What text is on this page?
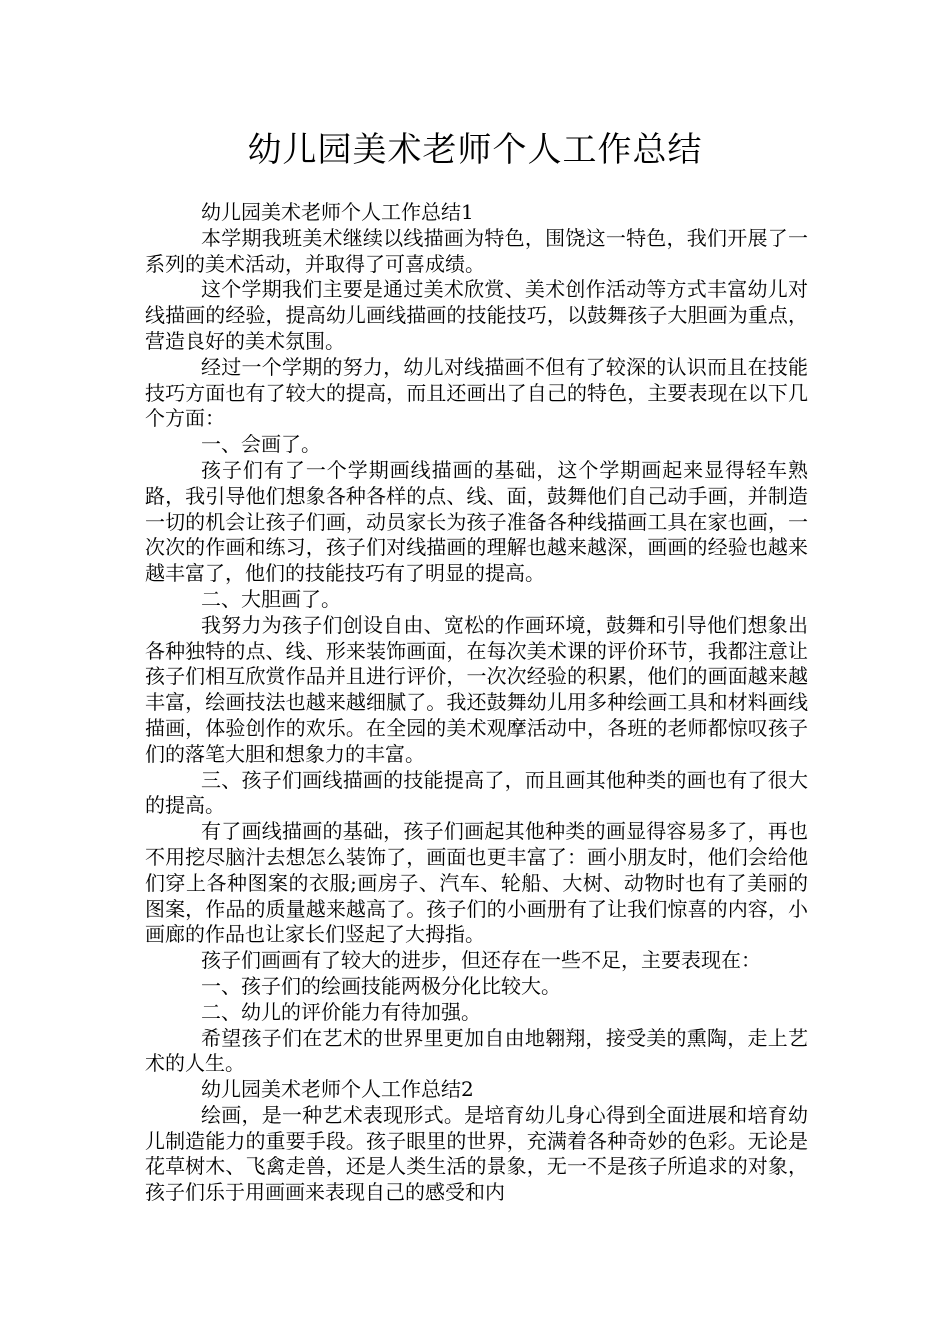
幼儿园美术老师个人工作总结

幼儿园美术老师个人工作总结1

本学期我班美术继续以线描画为特色，围饶这一特色，我们开展了一系列的美术活动，并取得了可喜成绩。

这个学期我们主要是通过美术欣赏、美术创作活动等方式丰富幼儿对线描画的经验，提高幼儿画线描画的技能技巧，以鼓舞孩子大胆画为重点，营造良好的美术氛围。

经过一个学期的努力，幼儿对线描画不但有了较深的认识而且在技能技巧方面也有了较大的提高，而且还画出了自己的特色，主要表现在以下几个方面：

一、会画了。

孩子们有了一个学期画线描画的基础，这个学期画起来显得轻车熟路，我引导他们想象各种各样的点、线、面，鼓舞他们自己动手画，并制造一切的机会让孩子们画，动员家长为孩子准备各种线描画工具在家也画，一次次的作画和练习，孩子们对线描画的理解也越来越深，画画的经验也越来越丰富了，他们的技能技巧有了明显的提高。

二、大胆画了。

我努力为孩子们创设自由、宽松的作画环境，鼓舞和引导他们想象出各种独特的点、线、形来装饰画面，在每次美术课的评价环节，我都注意让孩子们相互欣赏作品并且进行评价，一次次经验的积累，他们的画面越来越丰富，绘画技法也越来越细腻了。我还鼓舞幼儿用多种绘画工具和材料画线描画，体验创作的欢乐。在全园的美术观摩活动中，各班的老师都惊叹孩子们的落笔大胆和想象力的丰富。

三、孩子们画线描画的技能提高了，而且画其他种类的画也有了很大的提高。

有了画线描画的基础，孩子们画起其他种类的画显得容易多了，再也不用挖尽脑汁去想怎么装饰了，画面也更丰富了：画小朋友时，他们会给他们穿上各种图案的衣服;画房子、汽车、轮船、大树、动物时也有了美丽的图案，作品的质量越来越高了。孩子们的小画册有了让我们惊喜的内容，小画廊的作品也让家长们竖起了大拇指。

孩子们画画有了较大的进步，但还存在一些不足，主要表现在：

一、孩子们的绘画技能两极分化比较大。

二、幼儿的评价能力有待加强。

希望孩子们在艺术的世界里更加自由地翱翔，接受美的熏陶，走上艺术的人生。

幼儿园美术老师个人工作总结2

绘画，是一种艺术表现形式。是培育幼儿身心得到全面进展和培育幼儿制造能力的重要手段。孩子眼里的世界，充满着各种奇妙的色彩。无论是花草树木、飞禽走兽，还是人类生活的景象，无一不是孩子所追求的对象，孩子们乐于用画画来表现自己的感受和内
